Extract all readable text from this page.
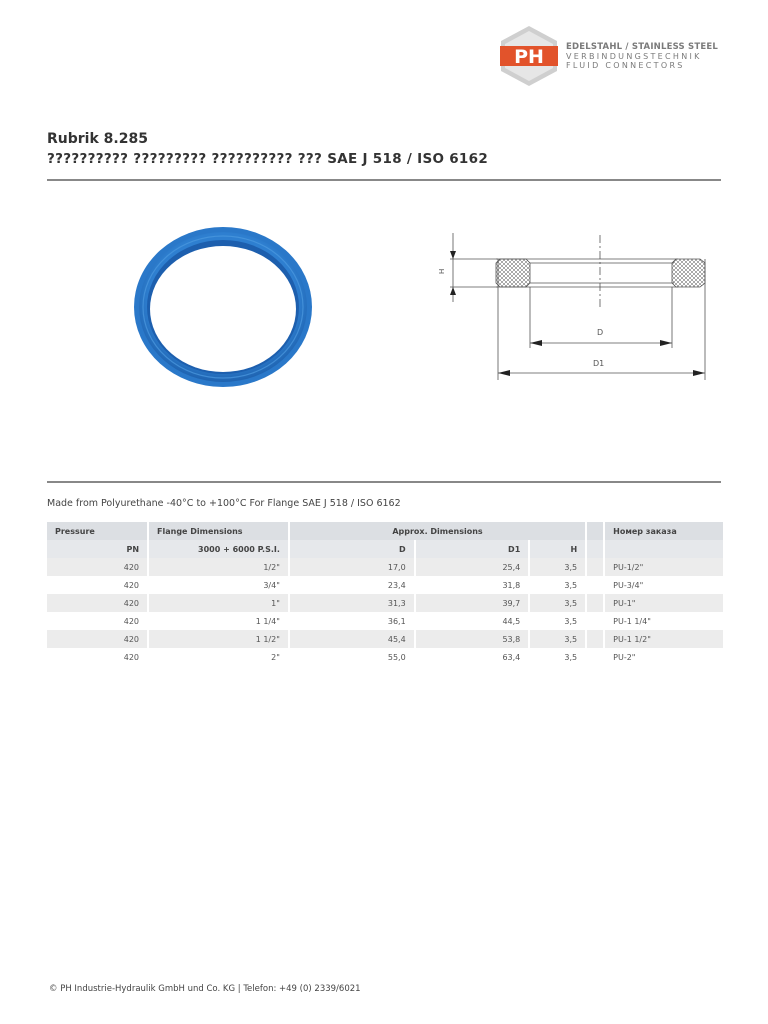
PH	EDELSTAHL / STAINLESS STEEL
VERBINDUNGSTECHNIK
FLUID CONNECTORS
Rubrik 8.285
?????????? ????????? ?????????? ??? SAE J 518 / ISO 6162
H
D
D1
Made from Polyurethane -40°C to +100°C For Flange SAE J 518 / ISO 6162
Pressure	Flange Dimensions	Approx. Dimensions				Номер заказа
PN	3000 + 6000 P.S.I.	D	D1	H		
420	1/2"	17,0	25,4	3,5		PU-1/2"
420	3/4"	23,4	31,8	3,5		PU-3/4"
420	1"	31,3	39,7	3,5		PU-1"
420	1 1/4"	36,1	44,5	3,5		PU-1 1/4"
420	1 1/2"	45,4	53,8	3,5		PU-1 1/2"
420	2"	55,0	63,4	3,5		PU-2"
© PH Industrie-Hydraulik GmbH und Co. KG | Telefon: +49 (0) 2339/6021
